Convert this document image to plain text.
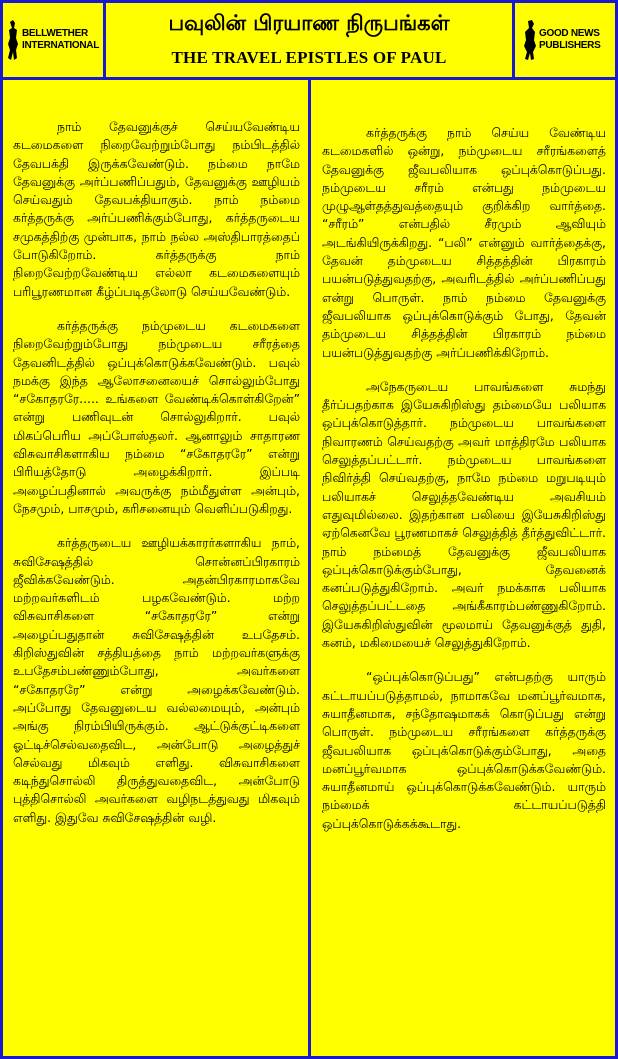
BELLWETHER
INTERNATIONAL
பவுலின் பிரயாண நிருபங்கள்
THE TRAVEL EPISTLES OF PAUL
GOOD NEWS
PUBLISHERS

நாம் தேவனுக்குச் செய்யவேண்டிய கடமைகளை நிறைவேற்றும்போது நம்பிடத்தில் தேவபக்தி இருக்கவேண்டும். நம்மை நாமே தேவனுக்கு அர்ப்பணிப்பதும், தேவனுக்கு ஊழியம் செய்வதும் தேவபக்தியாகும். நாம் நம்மை கர்த்தருக்கு அர்ப்பணிக்கும்போது, கர்த்தருடைய சமுகத்திற்கு முன்பாக, நாம் நல்ல அஸ்திபாரத்தைப் போடுகிறோம். கர்த்தருக்கு நாம் நிறைவேற்றவேண்டிய எல்லா கடமைகளையும் பரிபூரணமான கீழ்ப்படிதலோடு செய்யவேண்டும்.

கர்த்தருக்கு நம்முடைய கடமைகளை நிறைவேற்றும்போது நம்முடைய சரீரத்தை தேவனிடத்தில் ஒப்புக்கொடுக்கவேண்டும். பவுல் நமக்கு இந்த ஆலோசனையைச் சொல்லும்போது “சகோதரரே..... உங்களை வேண்டிக்கொள்கிறேன்” என்று பணிவுடன் சொல்லுகிறார். பவுல் மிகப்பெரிய அப்போஸ்தலர். ஆனாலும் சாதாரண விசுவாசிகளாகிய நம்மை “சகோதரரே” என்று பிரியத்தோடு அழைக்கிறார். இப்படி அழைப்பதினால் அவருக்கு நம்மீதுள்ள அன்பும், நேசமும், பாசமும், கரிசனையும் வெளிப்படுகிறது.

கர்த்தருடைய ஊழியக்காரர்களாகிய நாம், சுவிசேஷத்தில் சொன்னப்பிரகாரம் ஜீவிக்கவேண்டும். அதன்பிரகாரமாகவே மற்றவர்களிடம் பழகவேண்டும். மற்ற விசுவாசிகளை “சகோதரரே” என்று அழைப்பதுதான் சுவிசேஷத்தின் உபதேசம். கிறிஸ்துவின் சத்தியத்தை நாம் மற்றவர்களுக்கு உபதேசம்பண்ணும்போது, அவர்களை “சகோதரரே” என்று அழைக்கவேண்டும். அப்போது தேவனுடைய வல்லமையும், அன்பும் அங்கு நிரம்பியிருக்கும். ஆட்டுக்குட்டிகளை ஓட்டிச்செல்வதைவிட, அன்போடு அழைத்துச் செல்வது மிகவும் எளிது. விசுவாசிகளை கடிந்துசொல்லி திருத்துவதைவிட, அன்போடு புத்திசொல்லி அவர்களை வழிநடத்துவது மிகவும் எளிது. இதுவே சுவிசேஷத்தின் வழி.

கர்த்தருக்கு நாம் செய்ய வேண்டிய கடமைகளில் ஒன்று, நம்முடைய சரீரங்களைத் தேவனுக்கு ஜீவபலியாக ஒப்புக்கொடுப்பது. நம்முடைய சரீரம் என்பது நம்முடைய முழுஆள்தத்துவத்தையும் குறிக்கிற வார்த்தை. “சரீரம்” என்பதில் சீரமும் ஆவியும் அடங்கியிருக்கிறது. “பலி” என்னும் வார்த்தைக்கு, தேவன் தம்முடைய சித்தத்தின் பிரகாரம் பயன்படுத்துவதற்கு, அவரிடத்தில் அர்ப்பணிப்பது என்று பொருள். நாம் நம்மை தேவனுக்கு ஜீவபலியாக ஒப்புக்கொடுக்கும் போது, தேவன் தம்முடைய சித்தத்தின் பிரகாரம் நம்மை பயன்படுத்துவதற்கு அர்ப்பணிக்கிறோம்.

அநேகருடைய பாவங்களை சுமந்து தீர்ப்பதற்காக இயேசுகிறிஸ்து தம்மையே பலியாக ஒப்புக்கொடுத்தார். நம்முடைய பாவங்களை நிவாரணம் செய்வதற்கு அவர் மாத்திரமே பலியாக செலுத்தப்பட்டார். நம்முடைய பாவங்களை நிவிர்த்தி செய்வதற்கு, நாமே நம்மை மறுபடியும் பலியாகச் செலுத்தவேண்டிய அவசியம் எதுவுமில்லை. இதற்கான பலியை இயேசுகிறிஸ்து ஏற்கெனவே பூரணமாகச் செலுத்தித் தீர்த்துவிட்டார். நாம் நம்மைத் தேவனுக்கு ஜீவபலியாக ஒப்புக்கொடுக்கும்போது, தேவனைக் கனப்படுத்துகிறோம். அவர் நமக்காக பலியாக செலுத்தப்பட்டதை அங்கீகாரம்பண்ணுகிறோம். இயேசுகிறிஸ்துவின் மூலமாய் தேவனுக்குத் துதி, கனம், மகிமையைச் செலுத்துகிறோம்.

“ஒப்புக்கொடுப்பது” என்பதற்கு யாரும் கட்டாயப்படுத்தாமல், நாமாகவே மனப்பூர்வமாக, சுயாதீனமாக, சந்தோஷமாகக் கொடுப்பது என்று பொருள். நம்முடைய சரீரங்களை கர்த்தருக்கு ஜீவபலியாக ஒப்புக்கொடுக்கும்போது, அதை மனப்பூர்வமாக ஒப்புக்கொடுக்கவேண்டும். சுயாதீனமாய் ஒப்புக்கொடுக்கவேண்டும். யாரும் நம்மைக் கட்டாயப்படுத்தி ஒப்புக்கொடுக்கக்கூடாது.
